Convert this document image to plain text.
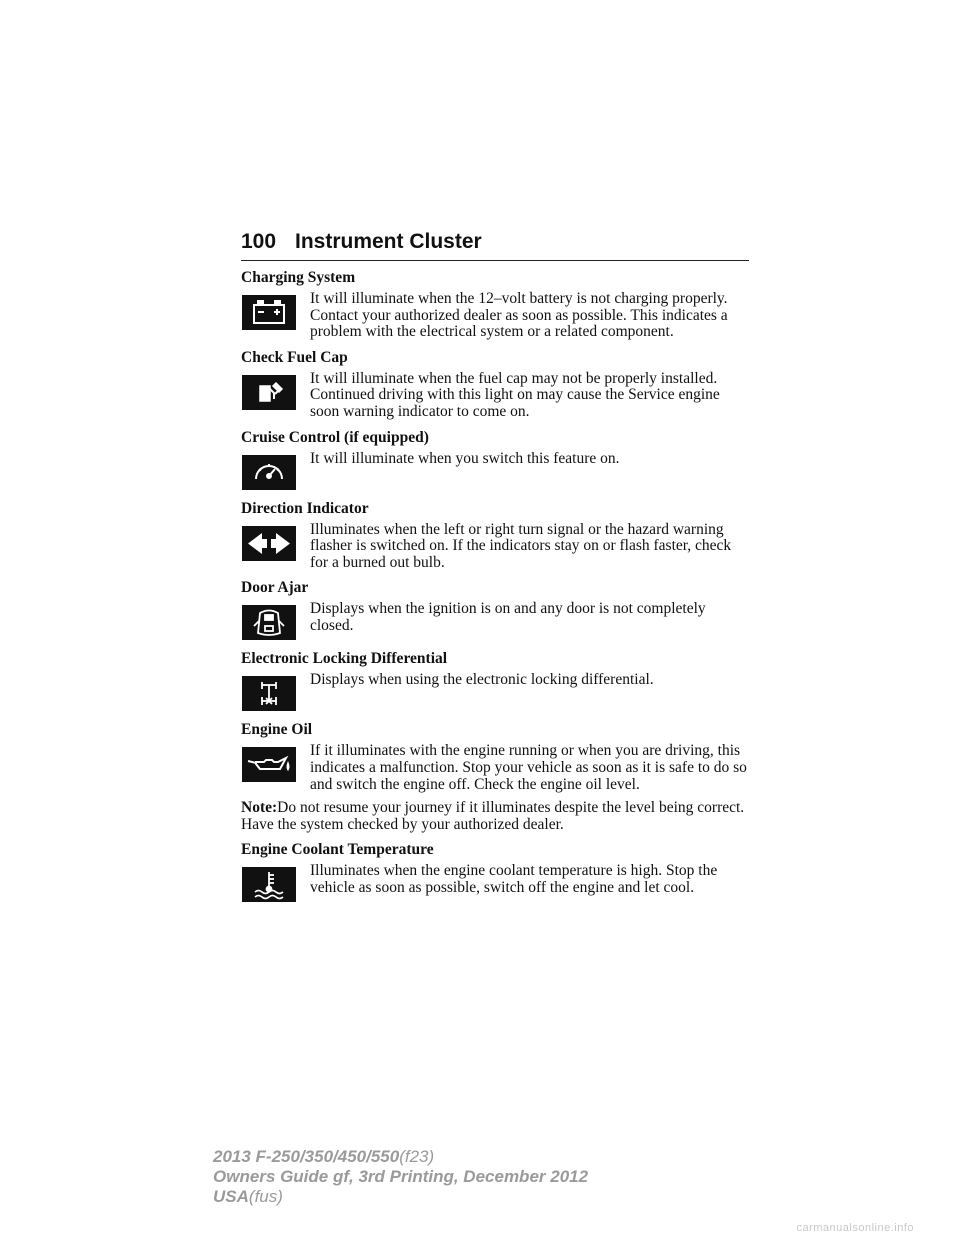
100 Instrument Cluster
Charging System
It will illuminate when the 12–volt battery is not charging properly. Contact your authorized dealer as soon as possible. This indicates a problem with the electrical system or a related component.
Check Fuel Cap
It will illuminate when the fuel cap may not be properly installed. Continued driving with this light on may cause the Service engine soon warning indicator to come on.
Cruise Control (if equipped)
It will illuminate when you switch this feature on.
Direction Indicator
Illuminates when the left or right turn signal or the hazard warning flasher is switched on. If the indicators stay on or flash faster, check for a burned out bulb.
Door Ajar
Displays when the ignition is on and any door is not completely closed.
Electronic Locking Differential
Displays when using the electronic locking differential.
Engine Oil
If it illuminates with the engine running or when you are driving, this indicates a malfunction. Stop your vehicle as soon as it is safe to do so and switch the engine off. Check the engine oil level.
Note:Do not resume your journey if it illuminates despite the level being correct. Have the system checked by your authorized dealer.
Engine Coolant Temperature
Illuminates when the engine coolant temperature is high. Stop the vehicle as soon as possible, switch off the engine and let cool.
2013 F-250/350/450/550(f23)
Owners Guide gf, 3rd Printing, December 2012
USA(fus)
carmanualsonline.info
